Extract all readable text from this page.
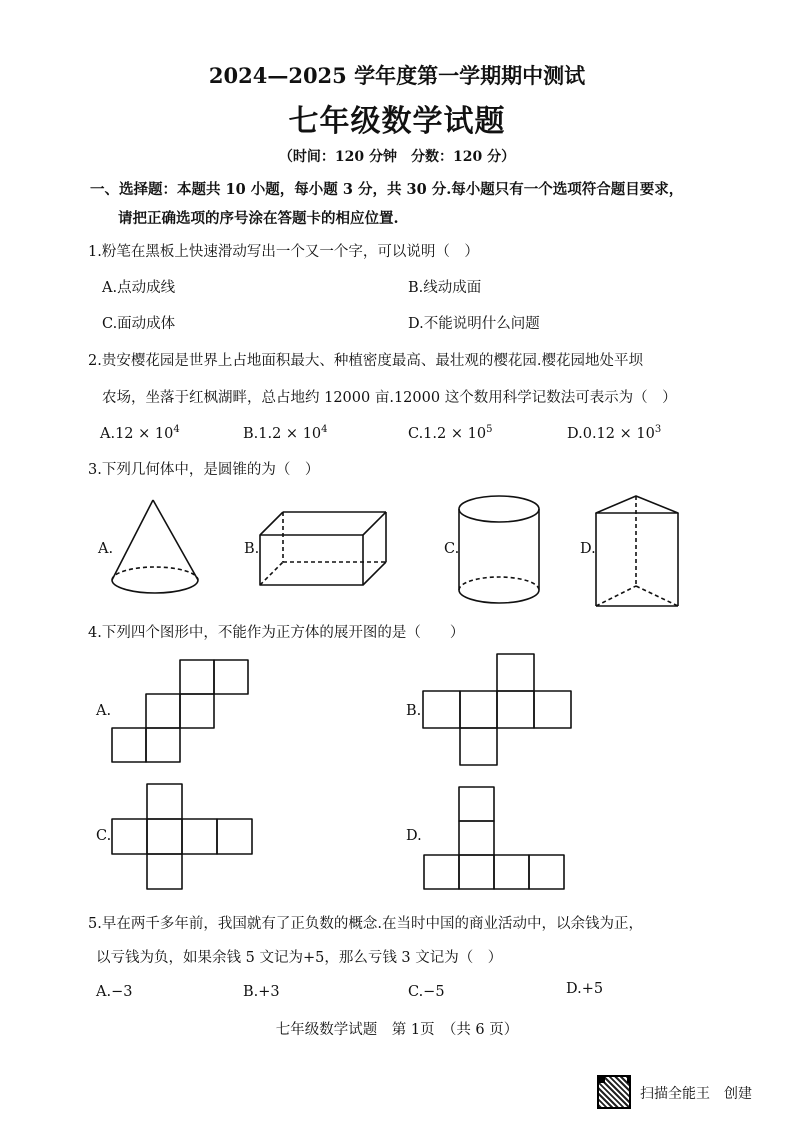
2024—2025 学年度第一学期期中测试
七年级数学试题
（时间：120 分钟　分数：120 分）
一、选择题：本题共 10 小题，每小题 3 分，共 30 分.每小题只有一个选项符合题目要求，
请把正确选项的序号涂在答题卡的相应位置.
1.粉笔在黑板上快速滑动写出一个又一个字，可以说明（　）
A.点动成线	B.线动成面
C.面动成体	D.不能说明什么问题
2.贵安樱花园是世界上占地面积最大、种植密度最高、最壮观的樱花园.樱花园地处平坝
农场，坐落于红枫湖畔，总占地约 12000 亩.12000 这个数用科学记数法可表示为（　）
$A.12 \times 10^4$	$B.1.2 \times 10^4$	$C.1.2 \times 10^5$	$D.0.12 \times 10^3$
3.下列几何体中，是圆锥的为（　）
A.	B.	C.	D.
4.下列四个图形中，不能作为正方体的展开图的是（　　）
A.	B.
C.	D.
5.早在两千多年前，我国就有了正负数的概念.在当时中国的商业活动中，以余钱为正，
以亏钱为负，如果余钱 5 文记为+5，那么亏钱 3 文记为（　）
A.−3	B.+3	C.−5	D.+5
七年级数学试题　第 1页　（共 6 页）
扫描全能王　创建
